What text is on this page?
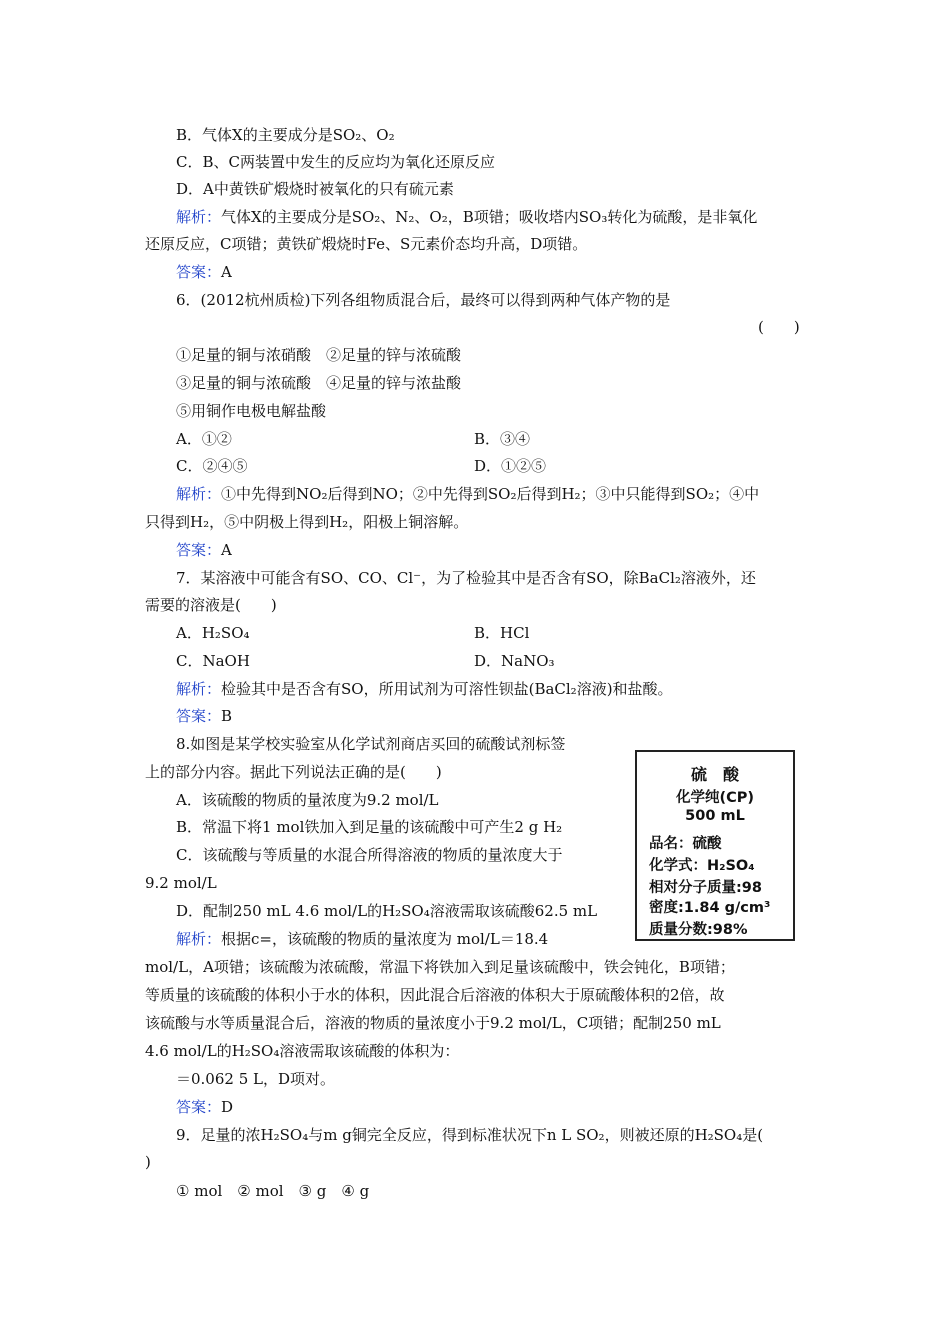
B．气体X的主要成分是SO₂、O₂
C．B、C两装置中发生的反应均为氧化还原反应
D．A中黄铁矿煅烧时被氧化的只有硫元素
解析：气体X的主要成分是SO₂、N₂、O₂，B项错；吸收塔内SO₃转化为硫酸，是非氧化
还原反应，C项错；黄铁矿煅烧时Fe、S元素价态均升高，D项错。
答案：A
6．(2012杭州质检)下列各组物质混合后，最终可以得到两种气体产物的是
(　　)
①足量的铜与浓硝酸　②足量的锌与浓硫酸
③足量的铜与浓硫酸　④足量的锌与浓盐酸
⑤用铜作电极电解盐酸
A．①②	B．③④
C．②④⑤	D．①②⑤
解析：①中先得到NO₂后得到NO；②中先得到SO₂后得到H₂；③中只能得到SO₂；④中
只得到H₂，⑤中阴极上得到H₂，阳极上铜溶解。
答案：A
7．某溶液中可能含有SO、CO、Cl⁻，为了检验其中是否含有SO，除BaCl₂溶液外，还
需要的溶液是(　　)
A．H₂SO₄	B．HCl
C．NaOH	D．NaNO₃
解析：检验其中是否含有SO，所用试剂为可溶性钡盐(BaCl₂溶液)和盐酸。
答案：B
8.如图是某学校实验室从化学试剂商店买回的硫酸试剂标签
上的部分内容。据此下列说法正确的是(　　)
A．该硫酸的物质的量浓度为9.2 mol/L
B．常温下将1 mol铁加入到足量的该硫酸中可产生2 g H₂
C．该硫酸与等质量的水混合所得溶液的物质的量浓度大于
9.2 mol/L
D．配制250 mL 4.6 mol/L的H₂SO₄溶液需取该硫酸62.5 mL
解析：根据c=，该硫酸的物质的量浓度为 mol/L＝18.4
mol/L，A项错；该硫酸为浓硫酸，常温下将铁加入到足量该硫酸中，铁会钝化，B项错；
等质量的该硫酸的体积小于水的体积，因此混合后溶液的体积大于原硫酸体积的2倍，故
该硫酸与水等质量混合后，溶液的物质的量浓度小于9.2 mol/L，C项错；配制250 mL
4.6 mol/L的H₂SO₄溶液需取该硫酸的体积为：
＝0.062 5 L，D项对。
答案：D
硫　酸
化学纯(CP)
500 mL
品名：硫酸
化学式：H₂SO₄
相对分子质量:98
密度:1.84 g/cm³
质量分数:98%
9．足量的浓H₂SO₄与m g铜完全反应，得到标准状况下n L SO₂，则被还原的H₂SO₄是(
)
① mol　② mol　③ g　④ g
